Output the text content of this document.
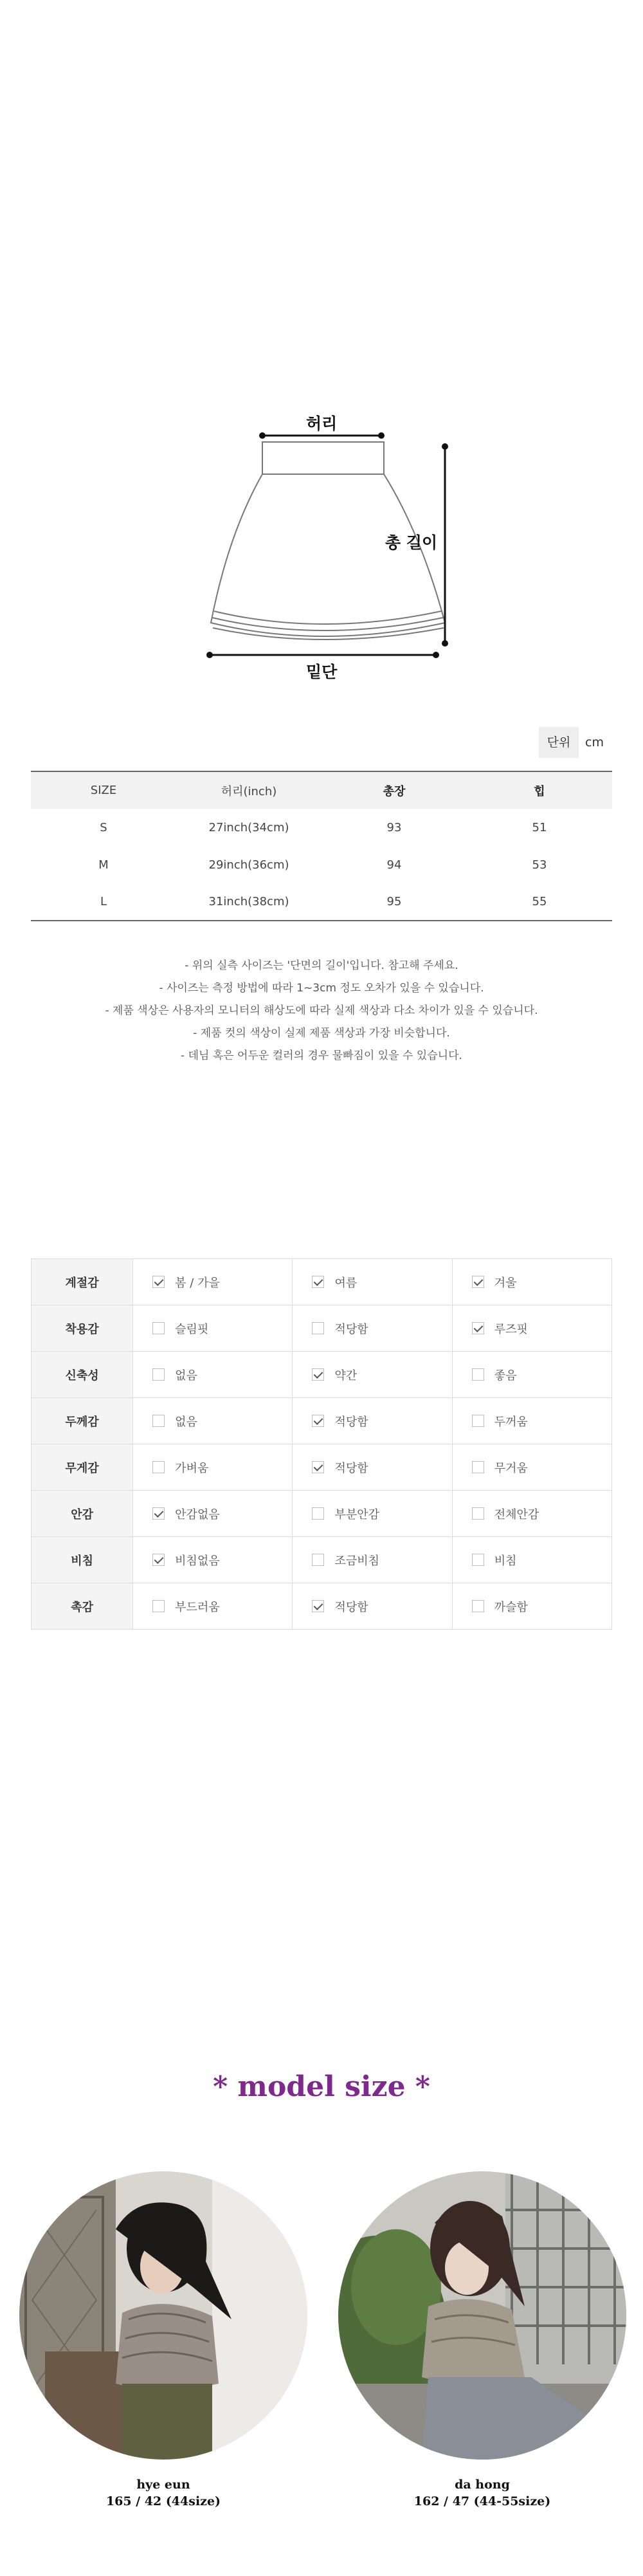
허리
총 길이
밑단
단위	cm
SIZE	허리(inch)	총장	힙
S	27inch(34cm)	93	51
M	29inch(36cm)	94	53
L	31inch(38cm)	95	55
- 위의 실측 사이즈는 '단면의 길이'입니다. 참고해 주세요.
- 사이즈는 측정 방법에 따라 1~3cm 정도 오차가 있을 수 있습니다.
- 제품 색상은 사용자의 모니터의 해상도에 따라 실제 색상과 다소 차이가 있을 수 있습니다.
- 제품 컷의 색상이 실제 제품 색상과 가장 비슷합니다.
- 데님 혹은 어두운 컬러의 경우 물빠짐이 있을 수 있습니다.
계절감	봄 / 가을	여름	겨울
착용감	슬림핏	적당함	루즈핏
신축성	없음	약간	좋음
두께감	없음	적당함	두꺼움
무게감	가벼움	적당함	무거움
안감	안감없음	부분안감	전체안감
비침	비침없음	조금비침	비침
촉감	부드러움	적당함	까슬함
* model size *
hye eun
165 / 42 (44size)
da hong
162 / 47 (44-55size)
